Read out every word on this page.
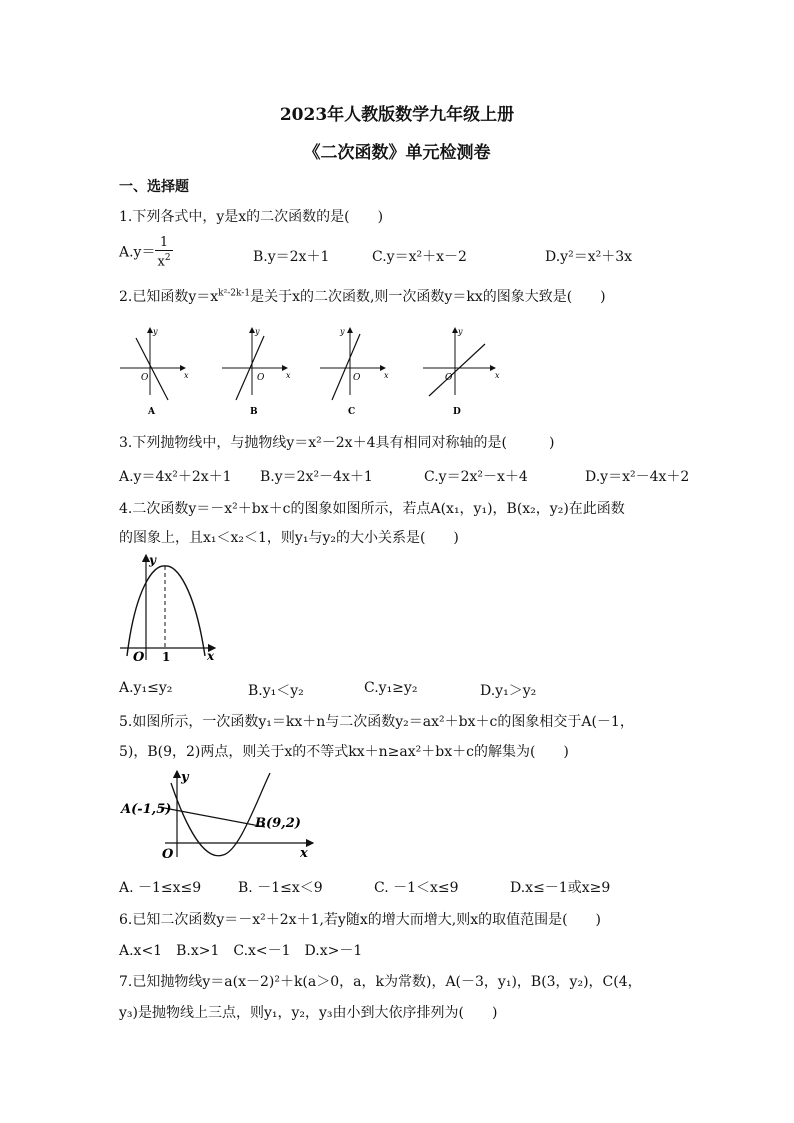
2023年人教版数学九年级上册
《二次函数》单元检测卷
一、选择题
1.下列各式中，y是x的二次函数的是(　　)
$A.y= \frac{1}{x^2}$	B.y＝2x＋1	C.y＝x²＋x－2	D.y²＝x²＋3x
2.已知函数$y=x^{k^2-2k-1}$是关于x的二次函数,则一次函数y＝kx的图象大致是(　　)
O	x
y
A
O	x
y
B
O	x
y
C
O	x
y
D
3.下列抛物线中，与抛物线y＝x²－2x＋4具有相同对称轴的是(　　　)
A.y＝4x²＋2x＋1 B.y＝2x²－4x＋1	C.y＝2x²－x＋4	D.y＝x²－4x＋2
4.二次函数y＝－x²＋bx＋c的图象如图所示，若点A(x₁，y₁)，B(x₂，y₂)在此函数
的图象上，且x₁＜x₂＜1，则y₁与y₂的大小关系是(　　)
O 1	x
y
A.y₁≤y₂	B.y₁＜y₂	C.y₁≥y₂	D.y₁＞y₂
5.如图所示，一次函数y₁＝kx＋n与二次函数y₂＝ax²＋bx＋c的图象相交于A(－1，
5)，B(9，2)两点，则关于x的不等式kx＋n≥ax²＋bx＋c的解集为(　　)
A(-1,5)
B(9,2)
O	x
y
A. －1≤x≤9	B. －1≤x＜9	C. －1＜x≤9	D.x≤－1或x≥9
6.已知二次函数y＝－x²＋2x＋1,若y随x的增大而增大,则x的取值范围是(　　)
A.x<1　B.x>1　C.x<－1　D.x>－1
7.已知抛物线y＝a(x－2)²＋k(a＞0，a，k为常数)，A(－3，y₁)，B(3，y₂)，C(4，
y₃)是抛物线上三点，则y₁，y₂，y₃由小到大依序排列为(　　)
